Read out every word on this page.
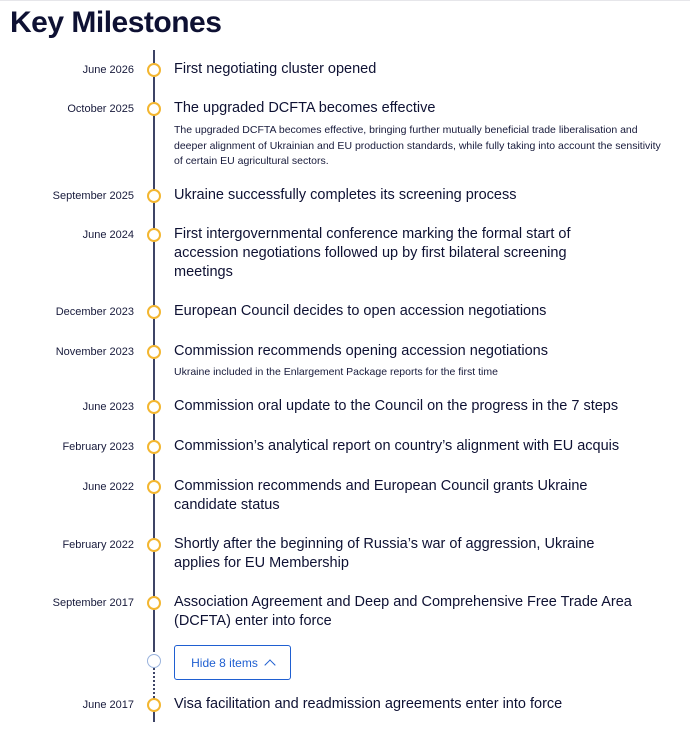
Key Milestones
June 2026	First negotiating cluster opened
October 2025	The upgraded DCFTA becomes effective
The upgraded DCFTA becomes effective, bringing further mutually beneficial trade liberalisation and deeper alignment of Ukrainian and EU production standards, while fully taking into account the sensitivity of certain EU agricultural sectors.
September 2025	Ukraine successfully completes its screening process
June 2024	First intergovernmental conference marking the formal start of accession negotiations followed up by first bilateral screening meetings
December 2023	European Council decides to open accession negotiations
November 2023	Commission recommends opening accession negotiations
Ukraine included in the Enlargement Package reports for the first time
June 2023	Commission oral update to the Council on the progress in the 7 steps
February 2023	Commission’s analytical report on country’s alignment with EU acquis
June 2022	Commission recommends and European Council grants Ukraine candidate status
February 2022	Shortly after the beginning of Russia’s war of aggression, Ukraine applies for EU Membership
September 2017	Association Agreement and Deep and Comprehensive Free Trade Area (DCFTA) enter into force
Hide 8 items
June 2017	Visa facilitation and readmission agreements enter into force
